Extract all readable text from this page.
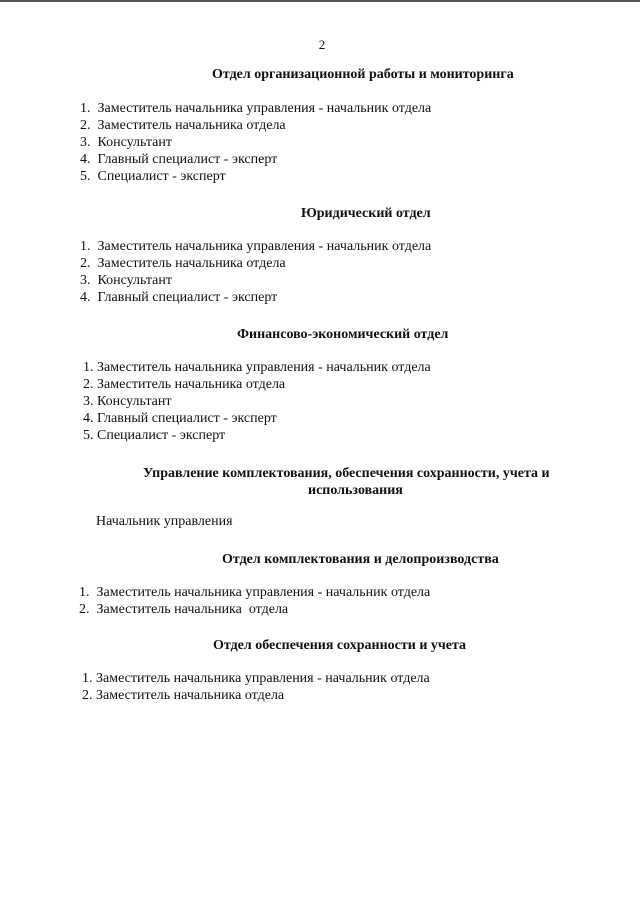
2
Отдел организационной работы и мониторинга
1. Заместитель начальника управления - начальник отдела
2. Заместитель начальника отдела
3. Консультант
4. Главный специалист - эксперт
5. Специалист - эксперт
Юридический отдел
1. Заместитель начальника управления - начальник отдела
2. Заместитель начальника отдела
3. Консультант
4. Главный специалист - эксперт
Финансово-экономический отдел
1. Заместитель начальника управления - начальник отдела
2. Заместитель начальника отдела
3. Консультант
4. Главный специалист - эксперт
5. Специалист - эксперт
Управление комплектования, обеспечения сохранности, учета и
использования
Начальник управления
Отдел комплектования и делопроизводства
1. Заместитель начальника управления - начальник отдела
2. Заместитель начальника  отдела
Отдел обеспечения сохранности и учета
1. Заместитель начальника управления - начальник отдела
2. Заместитель начальника отдела
